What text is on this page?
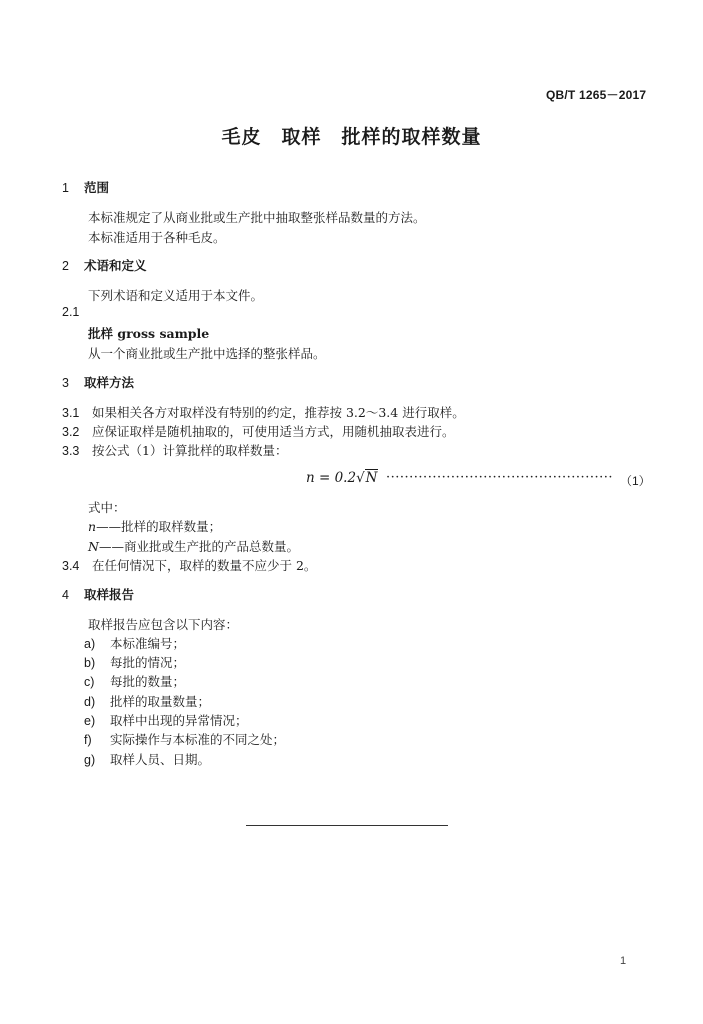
QB/T 1265－2017
毛皮　取样　批样的取样数量
1 范围
本标准规定了从商业批或生产批中抽取整张样品数量的方法。
本标准适用于各种毛皮。
2 术语和定义
下列术语和定义适用于本文件。
2.1
批样 gross sample
从一个商业批或生产批中选择的整张样品。
3 取样方法
3.1 如果相关各方对取样没有特别的约定，推荐按 3.2～3.4 进行取样。
3.2 应保证取样是随机抽取的，可使用适当方式，用随机抽取表进行。
3.3 按公式（1）计算批样的取样数量：
n = 0.2√N ················································· （1）
式中：
n——批样的取样数量；
N——商业批或生产批的产品总数量。
3.4 在任何情况下，取样的数量不应少于 2。
4 取样报告
取样报告应包含以下内容：
a) 本标准编号；
b) 每批的情况；
c) 每批的数量；
d) 批样的取量数量；
e) 取样中出现的异常情况；
f) 实际操作与本标准的不同之处；
g) 取样人员、日期。
1
